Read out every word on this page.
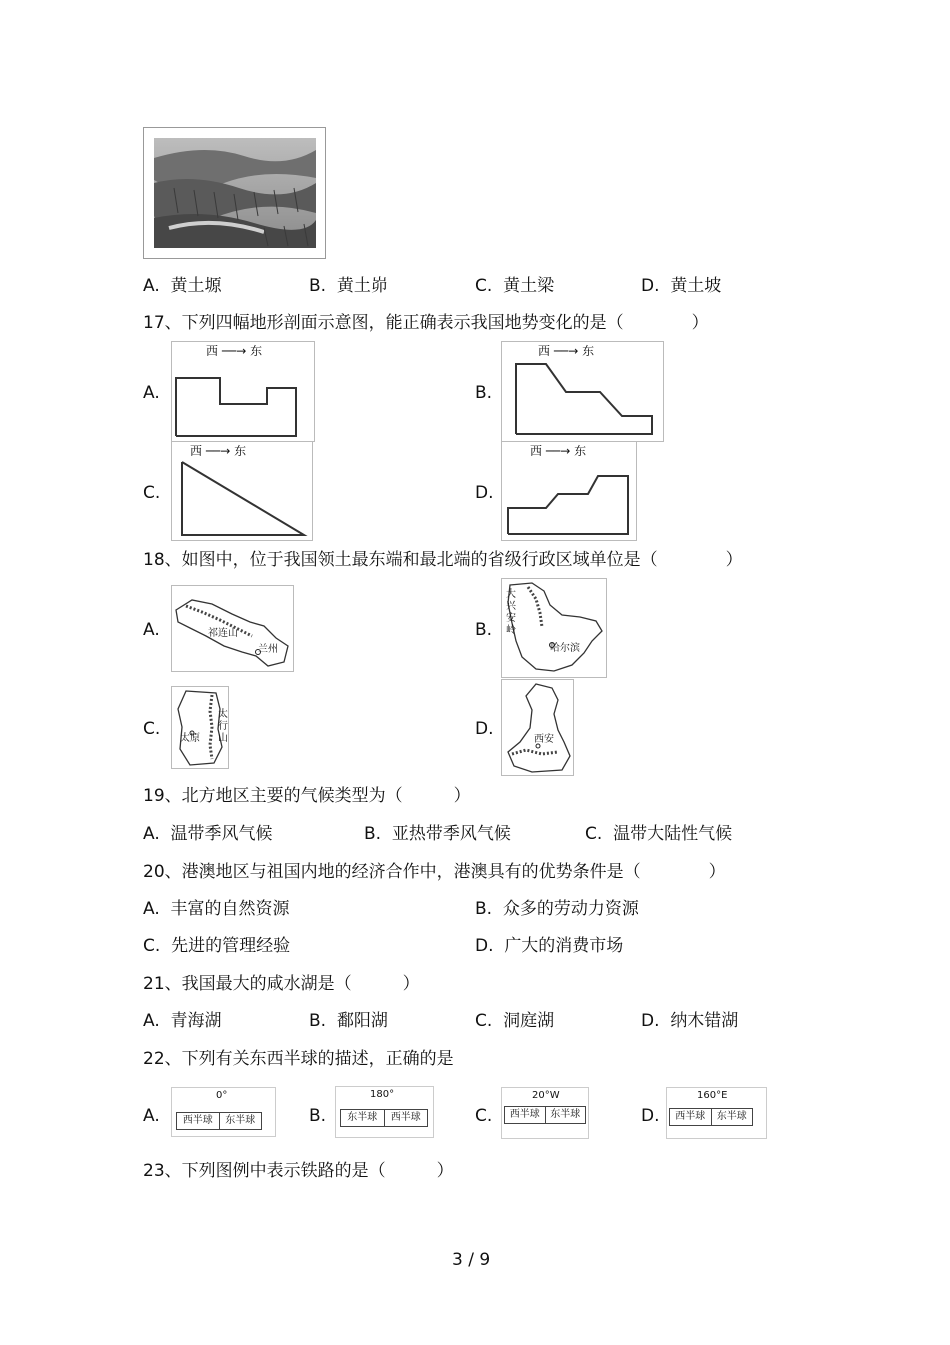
A. 黄土塬	B. 黄土峁	C. 黄土梁	D. 黄土坡
17、下列四幅地形剖面示意图，能正确表示我国地势变化的是（　　　　）
A.
西 ──→ 东
B.
西 ──→ 东
C.
西 ──→ 东
D.
西 ──→ 东
18、如图中，位于我国领土最东端和最北端的省级行政区域单位是（　　　　）
A.	祁连山
兰州
B.
大兴安岭
哈尔滨
C.
太行山
太原	D.
西安
19、北方地区主要的气候类型为（　　　）
A. 温带季风气候	B. 亚热带季风气候	C. 温带大陆性气候
20、港澳地区与祖国内地的经济合作中，港澳具有的优势条件是（　　　　）
A. 丰富的自然资源	B. 众多的劳动力资源
C. 先进的管理经验	D. 广大的消费市场
21、我国最大的咸水湖是（　　　）
A. 青海湖	B. 鄱阳湖	C. 洞庭湖	D. 纳木错湖
22、下列有关东西半球的描述，正确的是
A.
0°
西半球	东半球	B.
180°
东半球	西半球	C.
20°W
西半球	东半球	D.
160°E
西半球	东半球
23、下列图例中表示铁路的是（　　　）
3 / 9
